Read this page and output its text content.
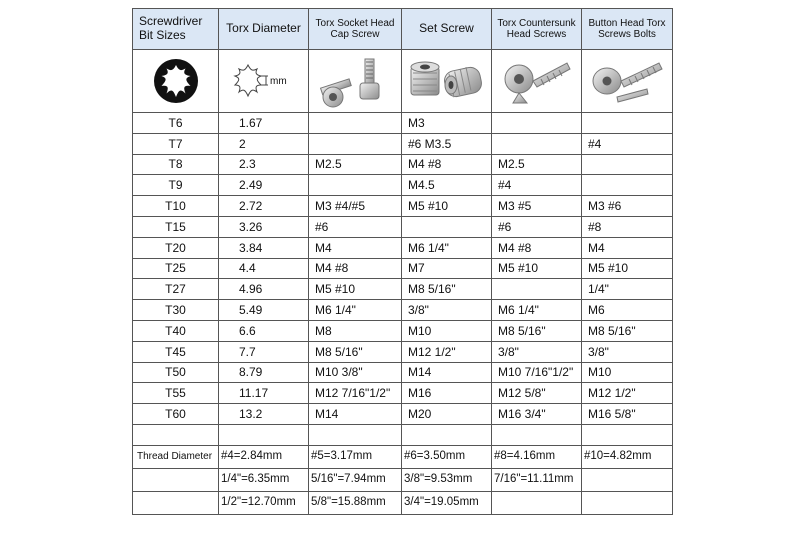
Screwdriver
Bit Sizes	Torx Diameter	Torx Socket Head Cap Screw	Set Screw	Torx Countersunk Head Screws	Button Head Torx Screws Bolts

mm

T6	1.67		M3		
T7	2		#6 M3.5		#4
T8	2.3	M2.5	M4 #8	M2.5	
T9	2.49		M4.5	#4	
T10	2.72	M3 #4/#5	M5 #10	M3 #5	M3 #6
T15	3.26	#6		#6	#8
T20	3.84	M4	M6 1/4"	M4 #8	M4
T25	4.4	M4 #8	M7	M5 #10	M5 #10
T27	4.96	M5 #10	M8 5/16"		1/4"
T30	5.49	M6 1/4"	3/8"	M6 1/4"	M6
T40	6.6	M8	M10	M8 5/16"	M8 5/16"
T45	7.7	M8 5/16"	M12 1/2"	3/8"	3/8"
T50	8.79	M10 3/8"	M14	M10 7/16"1/2"	M10
T55	11.17	M12 7/16"1/2"	M16	M12 5/8"	M12 1/2"
T60	13.2	M14	M20	M16 3/4"	M16 5/8"

Thread Diameter	#4=2.84mm	#5=3.17mm	#6=3.50mm	#8=4.16mm	#10=4.82mm
	1/4"=6.35mm	5/16"=7.94mm	3/8"=9.53mm	7/16"=11.11mm	
	1/2"=12.70mm	5/8"=15.88mm	3/4"=19.05mm		
